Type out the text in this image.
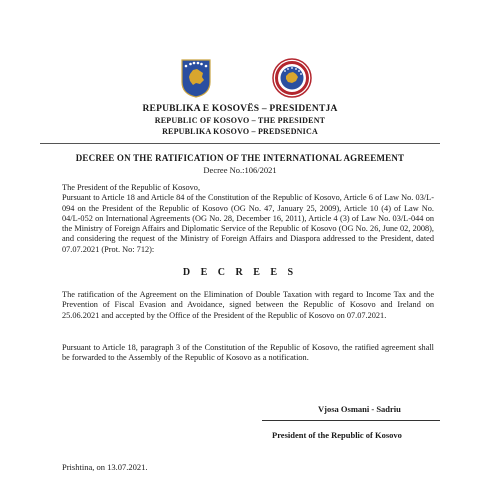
REPUBLIKA E KOSOVËS – PRESIDENTJA
REPUBLIC OF KOSOVO – THE PRESIDENT
REPUBLIKA KOSOVO – PREDSEDNICA
DECREE ON THE RATIFICATION OF THE INTERNATIONAL AGREEMENT
Decree No.:106/2021
The President of the Republic of Kosovo,
Pursuant to Article 18 and Article 84 of the Constitution of the Republic of Kosovo, Article 6 of Law No. 03/L-094 on the President of the Republic of Kosovo (OG No. 47, January 25, 2009), Article 10 (4) of Law No. 04/L-052 on International Agreements (OG No. 28, December 16, 2011), Article 4 (3) of Law No. 03/L-044 on the Ministry of Foreign Affairs and Diplomatic Service of the Republic of Kosovo (OG No. 26, June 02, 2008), and considering the request of the Ministry of Foreign Affairs and Diaspora addressed to the President, dated 07.07.2021 (Prot. No: 712):
D E C R E E S
The ratification of the Agreement on the Elimination of Double Taxation with regard to Income Tax and the Prevention of Fiscal Evasion and Avoidance, signed between the Republic of Kosovo and Ireland on 25.06.2021 and accepted by the Office of the President of the Republic of Kosovo on 07.07.2021.
Pursuant to Article 18, paragraph 3 of the Constitution of the Republic of Kosovo, the ratified agreement shall be forwarded to the Assembly of the Republic of Kosovo as a notification.
Vjosa Osmani - Sadriu
President of the Republic of Kosovo
Prishtina, on 13.07.2021.
